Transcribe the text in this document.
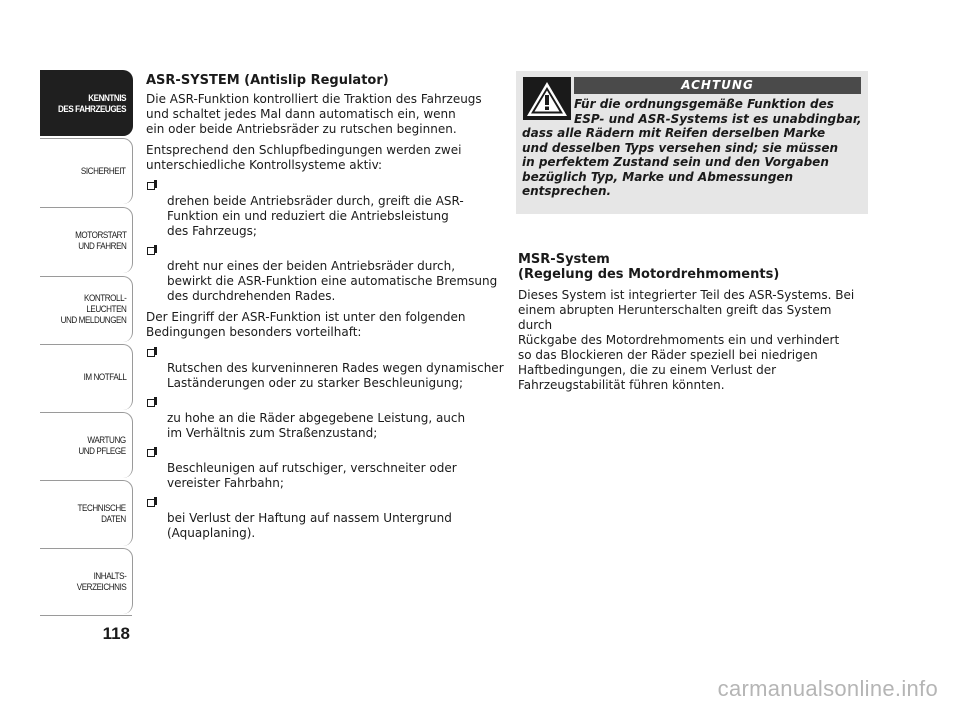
KENNTNIS
DES FAHRZEUGES
SICHERHEIT
MOTORSTART
UND FAHREN
KONTROLL-
LEUCHTEN
UND MELDUNGEN
IM NOTFALL
WARTUNG
UND PFLEGE
TECHNISCHE
DATEN
INHALTS-
VERZEICHNIS
118
ASR-SYSTEM (Antislip Regulator)
Die ASR-Funktion kontrolliert die Traktion des Fahrzeugs
und schaltet jedes Mal dann automatisch ein, wenn
ein oder beide Antriebsräder zu rutschen beginnen.
Entsprechend den Schlupfbedingungen werden zwei
unterschiedliche Kontrollsysteme aktiv:

drehen beide Antriebsräder durch, greift die ASR-
Funktion ein und reduziert die Antriebsleistung
des Fahrzeugs;

dreht nur eines der beiden Antriebsräder durch,
bewirkt die ASR-Funktion eine automatische Bremsung
des durchdrehenden Rades.

Der Eingriff der ASR-Funktion ist unter den folgenden
Bedingungen besonders vorteilhaft:

Rutschen des kurveninneren Rades wegen dynamischer
Laständerungen oder zu starker Beschleunigung;

zu hohe an die Räder abgegebene Leistung, auch
im Verhältnis zum Straßenzustand;

Beschleunigen auf rutschiger, verschneiter oder
vereister Fahrbahn;

bei Verlust der Haftung auf nassem Untergrund
(Aquaplaning).

ACHTUNG
Für die ordnungsgemäße Funktion des
ESP- und ASR-Systems ist es unabdingbar,
dass alle Rädern mit Reifen derselben Marke
und desselben Typs versehen sind; sie müssen
in perfektem Zustand sein und den Vorgaben
bezüglich Typ, Marke und Abmessungen
entsprechen.
MSR-System
(Regelung des Motordrehmoments)
Dieses System ist integrierter Teil des ASR-Systems. Bei
einem abrupten Herunterschalten greift das System durch
Rückgabe des Motordrehmoments ein und verhindert
so das Blockieren der Räder speziell bei niedrigen
Haftbedingungen, die zu einem Verlust der
Fahrzeugstabilität führen könnten.
carmanualsonline.info
